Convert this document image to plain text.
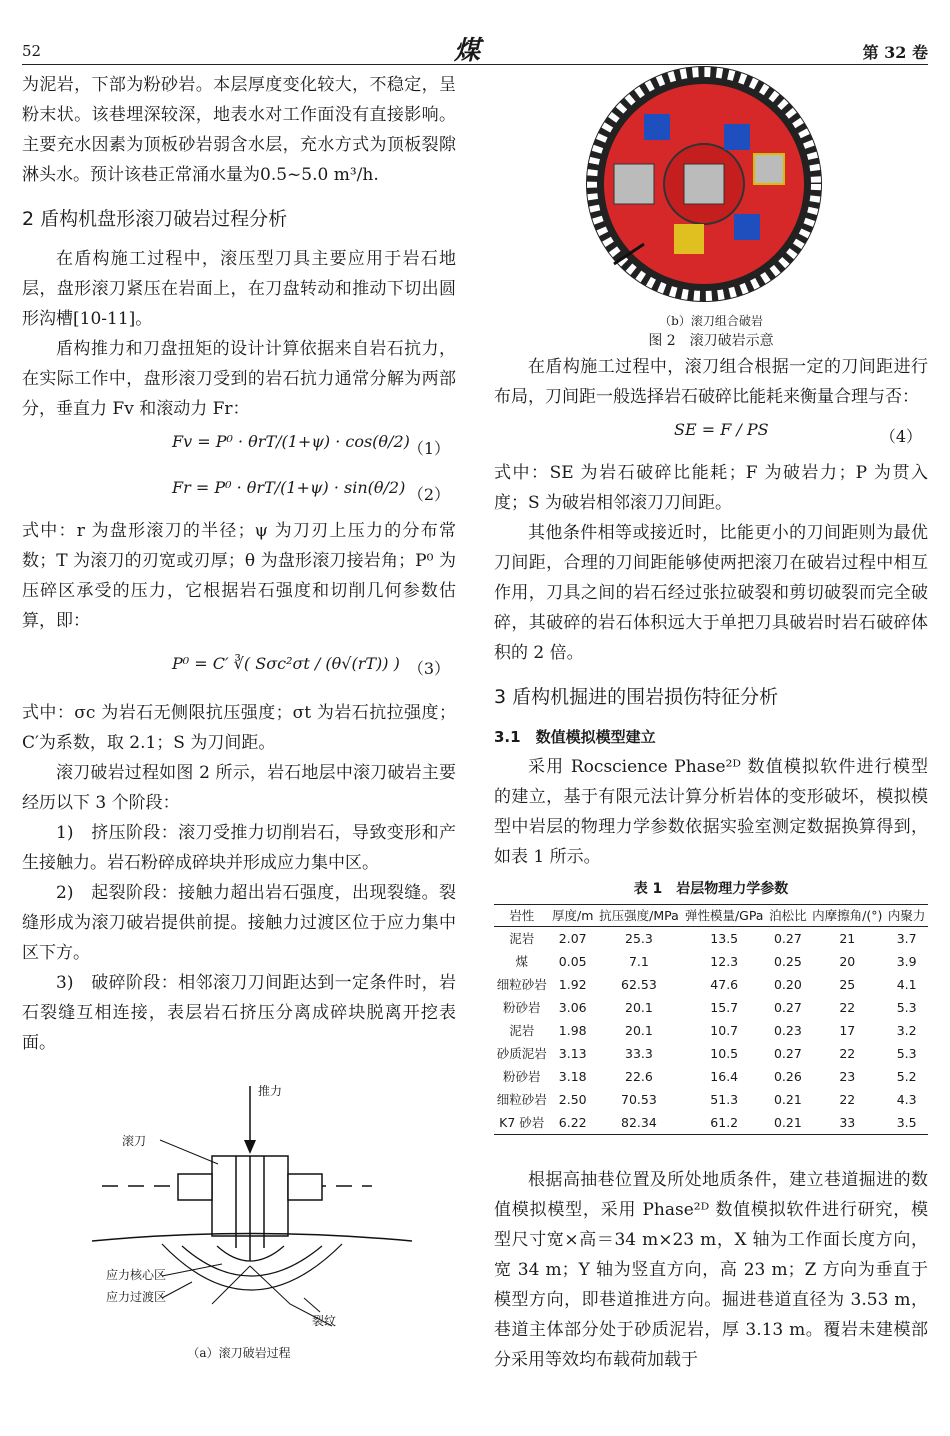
52	煤	第 32 卷

为泥岩，下部为粉砂岩。本层厚度变化较大，不稳定，呈粉末状。该巷埋深较深，地表水对工作面没有直接影响。主要充水因素为顶板砂岩弱含水层，充水方式为顶板裂隙淋头水。预计该巷正常涌水量为0.5~5.0 m³/h.

2 盾构机盘形滚刀破岩过程分析

在盾构施工过程中，滚压型刀具主要应用于岩石地层，盘形滚刀紧压在岩面上，在刀盘转动和推动下切出圆形沟槽[10-11]。

盾构推力和刀盘扭矩的设计计算依据来自岩石抗力，在实际工作中，盘形滚刀受到的岩石抗力通常分解为两部分，垂直力 Fv 和滚动力 Fr：

Fv = P⁰ · θrT/(1+ψ) · cos(θ/2)
（1）
Fr = P⁰ · θrT/(1+ψ) · sin(θ/2) （2）

式中：r 为盘形滚刀的半径；ψ 为刀刃上压力的分布常数；T 为滚刀的刃宽或刃厚；θ 为盘形滚刀接岩角；P⁰ 为压碎区承受的压力，它根据岩石强度和切削几何参数估算，即：

P⁰ = C′ ∛( Sσc²σt / (θ√(rT)) ) （3）

式中：σc 为岩石无侧限抗压强度；σt 为岩石抗拉强度；C′为系数，取 2.1；S 为刀间距。

滚刀破岩过程如图 2 所示，岩石地层中滚刀破岩主要经历以下 3 个阶段：

1)　挤压阶段：滚刀受推力切削岩石，导致变形和产生接触力。岩石粉碎成碎块并形成应力集中区。

2)　起裂阶段：接触力超出岩石强度，出现裂缝。裂缝形成为滚刀破岩提供前提。接触力过渡区位于应力集中区下方。

3)　破碎阶段：相邻滚刀刀间距达到一定条件时，岩石裂缝互相连接，表层岩石挤压分离成碎块脱离开挖表面。

推力
滚刀
应力核心区
应力过渡区
裂纹
（a）滚刀破岩过程
（b）滚刀组合破岩
图 2　滚刀破岩示意

在盾构施工过程中，滚刀组合根据一定的刀间距进行布局，刀间距一般选择岩石破碎比能耗来衡量合理与否：

SE = F / PS	（4）

式中：SE 为岩石破碎比能耗；F 为破岩力；P 为贯入度；S 为破岩相邻滚刀刀间距。

其他条件相等或接近时，比能更小的刀间距则为最优刀间距，合理的刀间距能够使两把滚刀在破岩过程中相互作用，刀具之间的岩石经过张拉破裂和剪切破裂而完全破碎，其破碎的岩石体积远大于单把刀具破岩时岩石破碎体积的 2 倍。

3 盾构机掘进的围岩损伤特征分析
3.1　数值模拟模型建立

采用 Rocscience Phase²ᴰ 数值模拟软件进行模型的建立，基于有限元法计算分析岩体的变形破坏，模拟模型中岩层的物理力学参数依据实验室测定数据换算得到，如表 1 所示。

表 1　岩层物理力学参数
岩性	厚度/m	抗压强度/MPa	弹性模量/GPa	泊松比	内摩擦角/(°)	内聚力
泥岩	2.07	25.3	13.5	0.27	21	3.7
煤	0.05	7.1	12.3	0.25	20	3.9
细粒砂岩	1.92	62.53	47.6	0.20	25	4.1
粉砂岩	3.06	20.1	15.7	0.27	22	5.3
泥岩	1.98	20.1	10.7	0.23	17	3.2
砂质泥岩	3.13	33.3	10.5	0.27	22	5.3
粉砂岩	3.18	22.6	16.4	0.26	23	5.2
细粒砂岩	2.50	70.53	51.3	0.21	22	4.3
K7 砂岩	6.22	82.34	61.2	0.21	33	3.5

根据高抽巷位置及所处地质条件，建立巷道掘进的数值模拟模型，采用 Phase²ᴰ 数值模拟软件进行研究，模型尺寸宽×高＝34 m×23 m，X 轴为工作面长度方向，宽 34 m；Y 轴为竖直方向，高 23 m；Z 方向为垂直于模型方向，即巷道推进方向。掘进巷道直径为 3.53 m，巷道主体部分处于砂质泥岩，厚 3.13 m。覆岩未建模部分采用等效均布载荷加载于
